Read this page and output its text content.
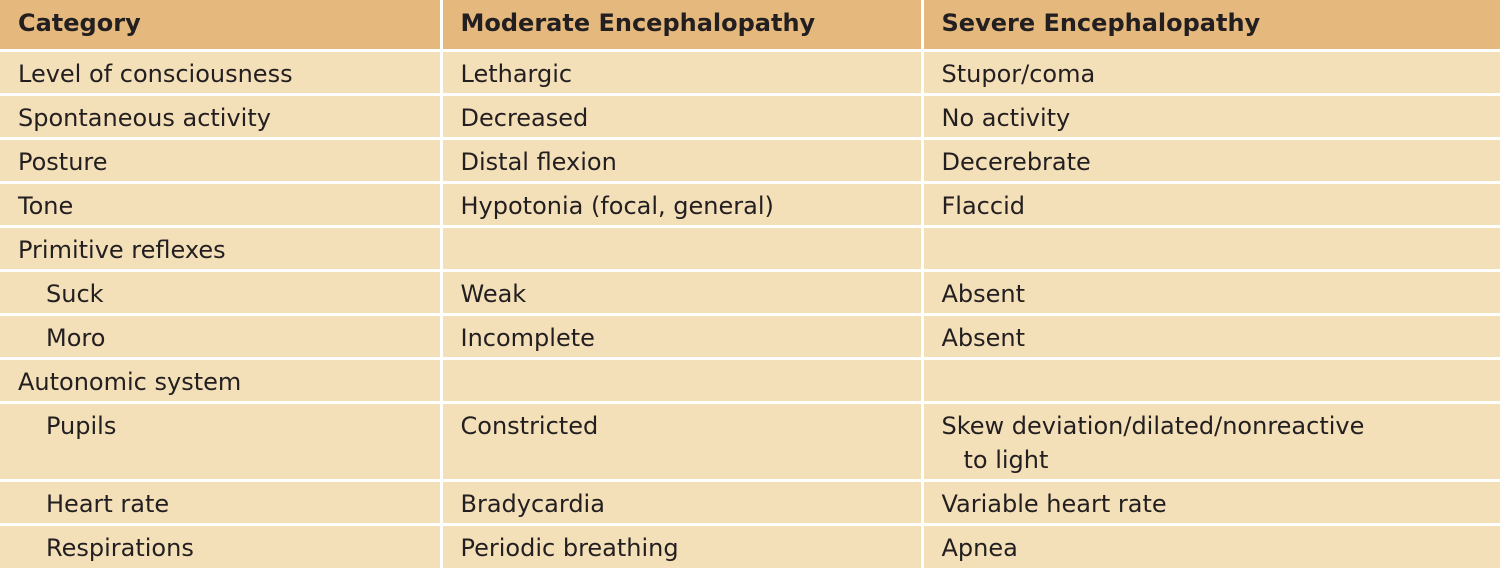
Category	Moderate Encephalopathy	Severe Encephalopathy
Level of consciousness	Lethargic	Stupor/coma
Spontaneous activity	Decreased	No activity
Posture	Distal flexion	Decerebrate
Tone	Hypotonia (focal, general)	Flaccid
Primitive reflexes		
Suck	Weak	Absent
Moro	Incomplete	Absent
Autonomic system		
Pupils	Constricted	Skew deviation/dilated/nonreactive
to light

Heart rate	Bradycardia	Variable heart rate
Respirations	Periodic breathing	Apnea
